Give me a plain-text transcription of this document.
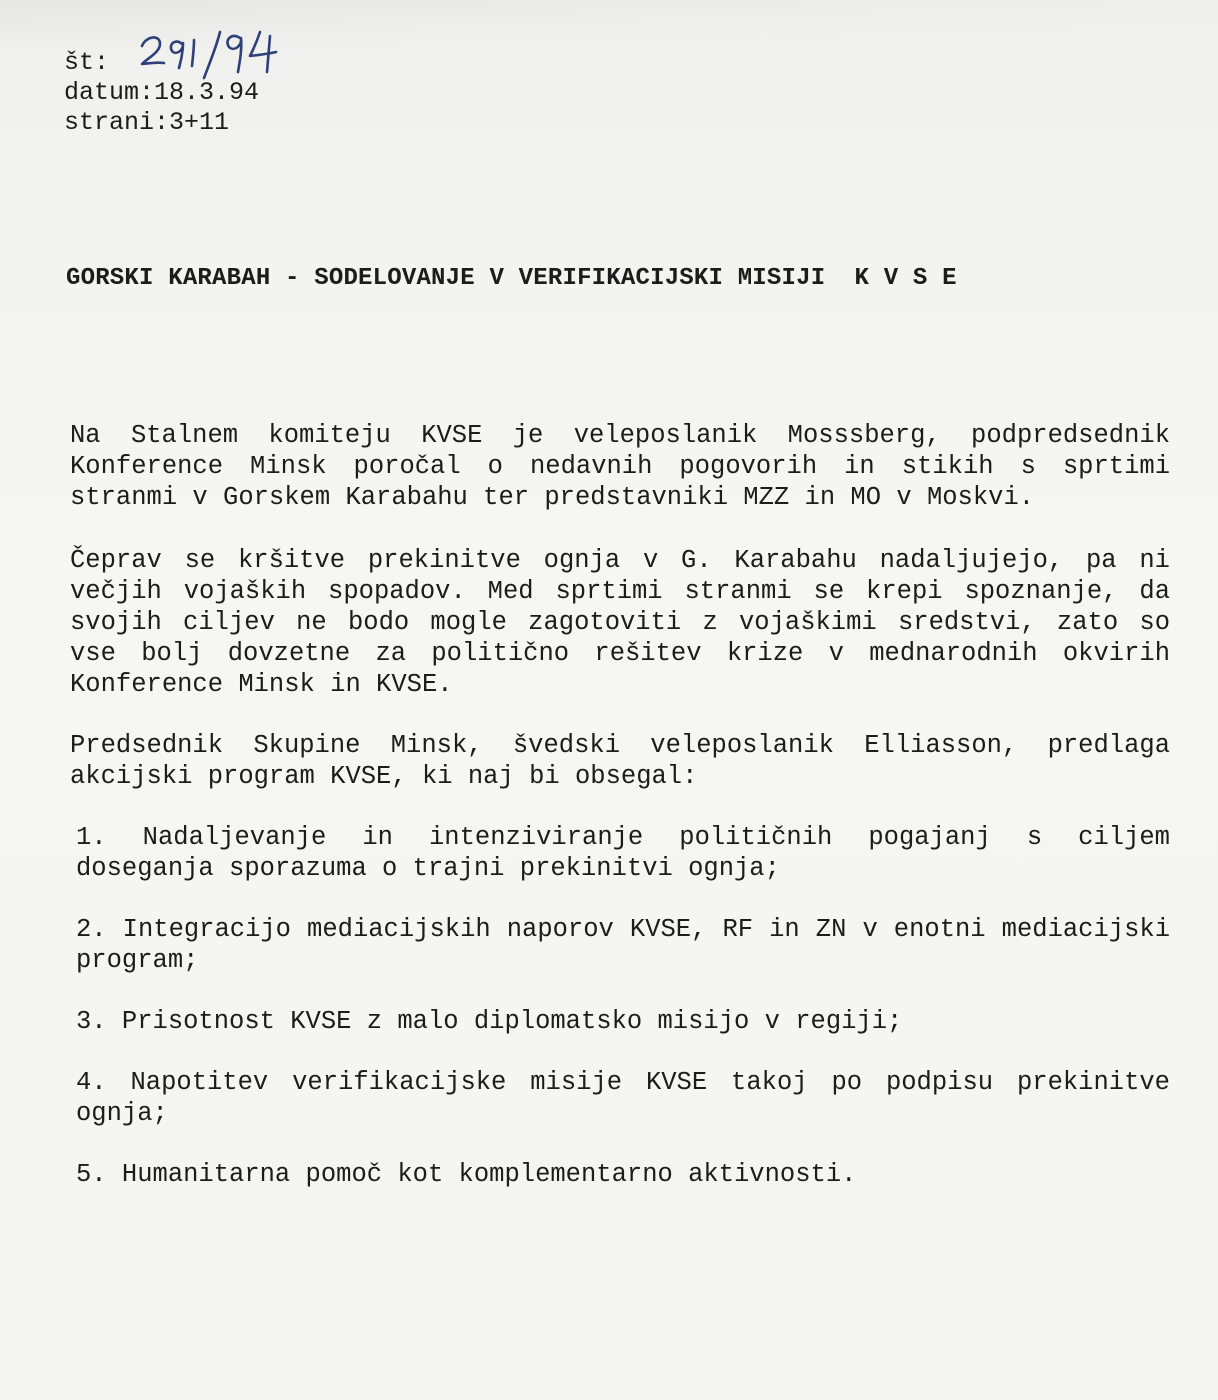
št:
datum:18.3.94
strani:3+11
GORSKI KARABAH - SODELOVANJE V VERIFIKACIJSKI MISIJI  K V S E

Na Stalnem komiteju KVSE je veleposlanik Mosssberg, podpredsednik Konference Minsk poročal o nedavnih pogovorih in stikih s sprtimi stranmi v Gorskem Karabahu ter predstavniki MZZ in MO v Moskvi.

Čeprav se kršitve prekinitve ognja v G. Karabahu nadaljujejo, pa ni večjih vojaških spopadov. Med sprtimi stranmi se krepi spoznanje, da svojih ciljev ne bodo mogle zagotoviti z vojaškimi sredstvi, zato so vse bolj dovzetne za politično rešitev krize v mednarodnih okvirih Konference Minsk in KVSE.

Predsednik Skupine Minsk, švedski veleposlanik Elliasson, predlaga akcijski program KVSE, ki naj bi obsegal:

1. Nadaljevanje in intenziviranje političnih pogajanj s ciljem doseganja sporazuma o trajni prekinitvi ognja;

2. Integracijo mediacijskih naporov KVSE, RF in ZN v enotni mediacijski program;

3. Prisotnost KVSE z malo diplomatsko misijo v regiji;

4. Napotitev verifikacijske misije KVSE takoj po podpisu prekinitve ognja;

5. Humanitarna pomoč kot komplementarno aktivnosti.
